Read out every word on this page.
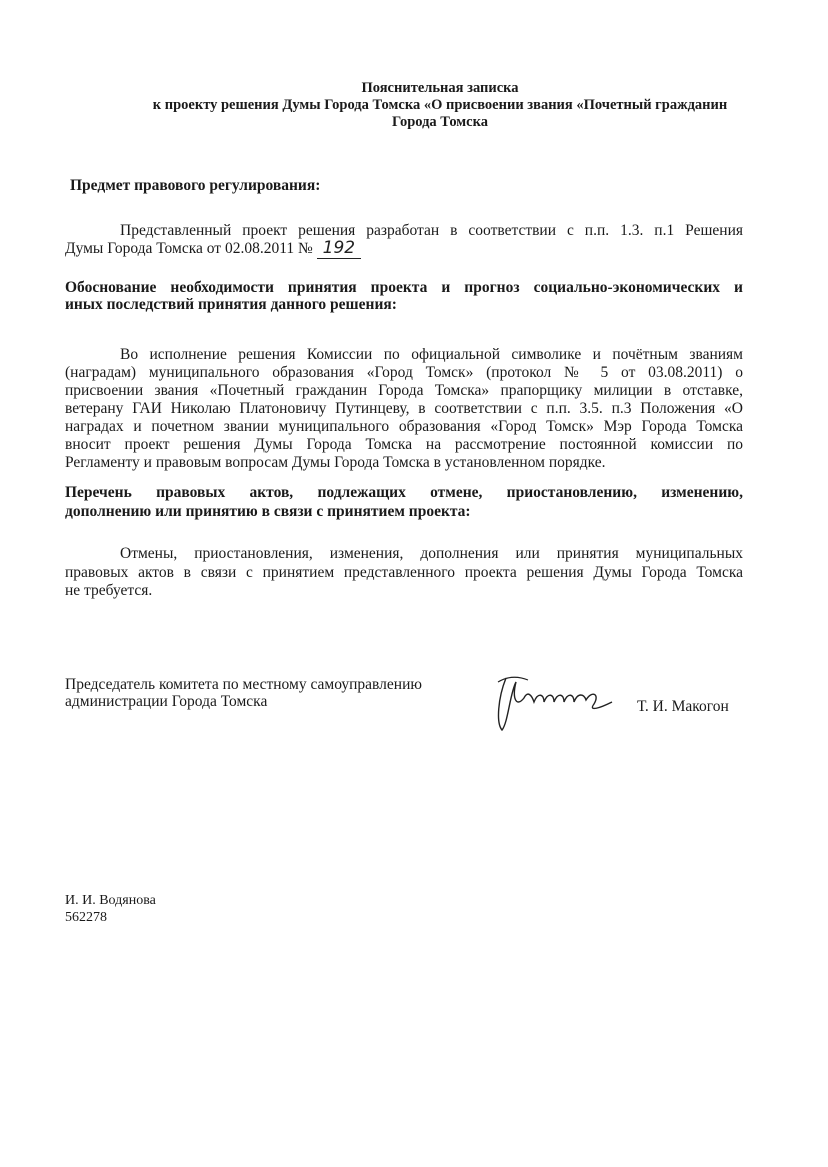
Пояснительная записка
к проекту решения Думы Города Томска «О присвоении звания «Почетный гражданин
Города Томска
Предмет правового регулирования:
Представленный проект решения разработан в соответствии с п.п. 1.3. п.1 Решения
Думы Города Томска от 02.08.2011 № 192
Обоснование необходимости принятия проекта и прогноз социально-экономических и
иных последствий принятия данного решения:
Во исполнение решения Комиссии по официальной символике и почётным званиям
(наградам) муниципального образования «Город Томск» (протокол № 5 от 03.08.2011) о
присвоении звания «Почетный гражданин Города Томска» прапорщику милиции в отставке,
ветерану ГАИ Николаю Платоновичу Путинцеву, в соответствии с п.п. 3.5. п.3 Положения «О
наградах и почетном звании муниципального образования «Город Томск» Мэр Города Томска
вносит проект решения Думы Города Томска на рассмотрение постоянной комиссии по
Регламенту и правовым вопросам Думы Города Томска в установленном порядке.
Перечень правовых актов, подлежащих отмене, приостановлению, изменению,
дополнению или принятию в связи с принятием проекта:
Отмены, приостановления, изменения, дополнения или принятия муниципальных
правовых актов в связи с принятием представленного проекта решения Думы Города Томска
не требуется.
Председатель комитета по местному самоуправлению
администрации Города Томска	Т. И. Макогон
И. И. Водянова
562278
